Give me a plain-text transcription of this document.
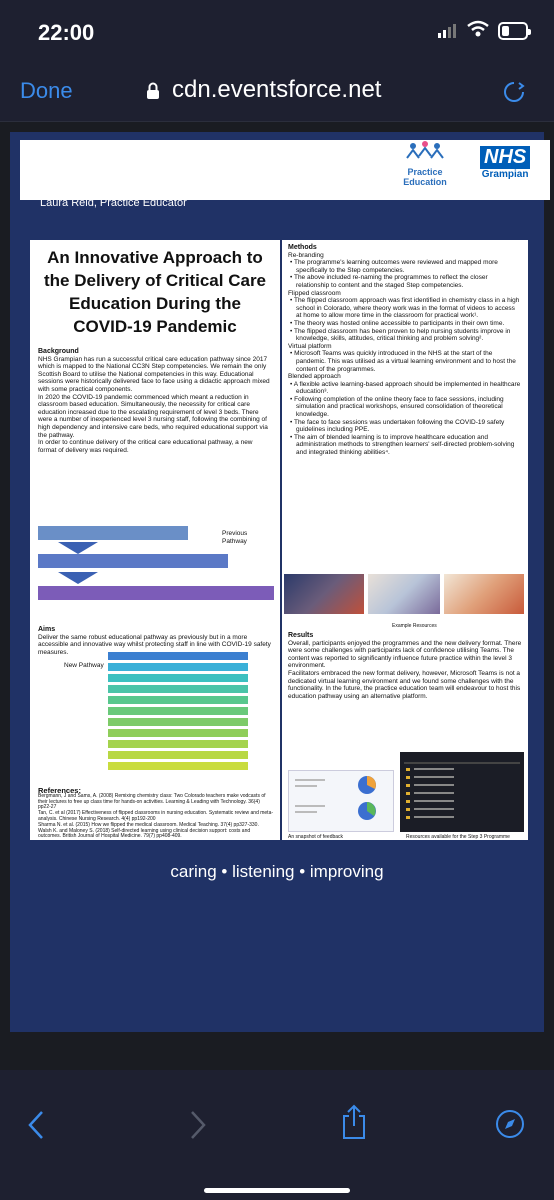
22:00
Done	cdn.eventsforce.net
Practice
Education
NHS
Grampian
Iain Parkin, Practice Educator
Laura Reid, Practice Educator
An Innovative Approach to the Delivery of Critical Care Education During the COVID-19 Pandemic
Background
NHS Grampian has run a successful critical care education pathway since 2017 which is mapped to the National CC3N Step competencies. We remain the only Scottish Board to utilise the National competencies in this way. Educational sessions were historically delivered face to face using a didactic approach mixed with some practical components.
In 2020 the COVID-19 pandemic commenced which meant a reduction in classroom based education. Simultaneously, the necessity for critical care education increased due to the escalating requirement of level 3 beds. There were a number of inexperienced level 3 nursing staff, following the combining of high dependency and intensive care beds, who required educational support via the pathway.
In order to continue delivery of the critical care educational pathway, a new format of delivery was required.
Previous Pathway
Aims
Deliver the same robust educational pathway as previously but in a more accessible and innovative way whilst protecting staff in line with COVID-19 safety measures.
New Pathway
References:
Bergmann, J and Sams, A. (2008) Remixing chemistry class: Two Colorado teachers make vodcasts of their lectures to free up class time for hands-on activities. Learning & Leading with Technology. 36(4) pp22-27
Tan, C. et al (2017) Effectiveness of flipped classrooms in nursing education. Systematic review and meta-analysis. Chinese Nursing Research. 4(4) pp192-200
Sharma N. et al. (2015) How we flipped the medical classroom. Medical Teaching. 37(4) pp327-330.
Walsh K. and Maloney S. (2018) Self-directed learning using clinical decision support: costs and outcomes. British Journal of Hospital Medicine. 79(7) pp408-409.
Methods
Re-branding
• The programme's learning outcomes were reviewed and mapped more specifically to the Step competencies.
• The above included re-naming the programmes to reflect the closer relationship to content and the staged Step competencies.
Flipped classroom
• The flipped classroom approach was first identified in chemistry class in a high school in Colorado, where theory work was in the format of videos to access at home to allow more time in the classroom for practical work¹.
• The theory was hosted online accessible to participants in their own time.
• The flipped classroom has been proven to help nursing students improve in knowledge, skills, attitudes, critical thinking and problem solving².
Virtual platform
• Microsoft Teams was quickly introduced in the NHS at the start of the pandemic. This was utilised as a virtual learning environment and to host the content of the programmes.
Blended approach
• A flexible active learning-based approach should be implemented in healthcare education³.
• Following completion of the online theory face to face sessions, including simulation and practical workshops, ensured consolidation of theoretical knowledge.
• The face to face sessions was undertaken following the COVID-19 safety guidelines including PPE.
• The aim of blended learning is to improve healthcare education and administration methods to strengthen learners' self-directed problem-solving and integrated thinking abilities⁴.
Example Resources
Results
Overall, participants enjoyed the programmes and the new delivery format. There were some challenges with participants lack of confidence utilising Teams. The content was reported to significantly influence future practice within the level 3 environment.
Facilitators embraced the new format delivery, however, Microsoft Teams is not a dedicated virtual learning environment and we found some challenges with the functionality. In the future, the practice education team will endeavour to host this education pathway using an alternative platform.
An snapshot of feedback	Resources available for the Step 3 Programme
caring • listening • improving
